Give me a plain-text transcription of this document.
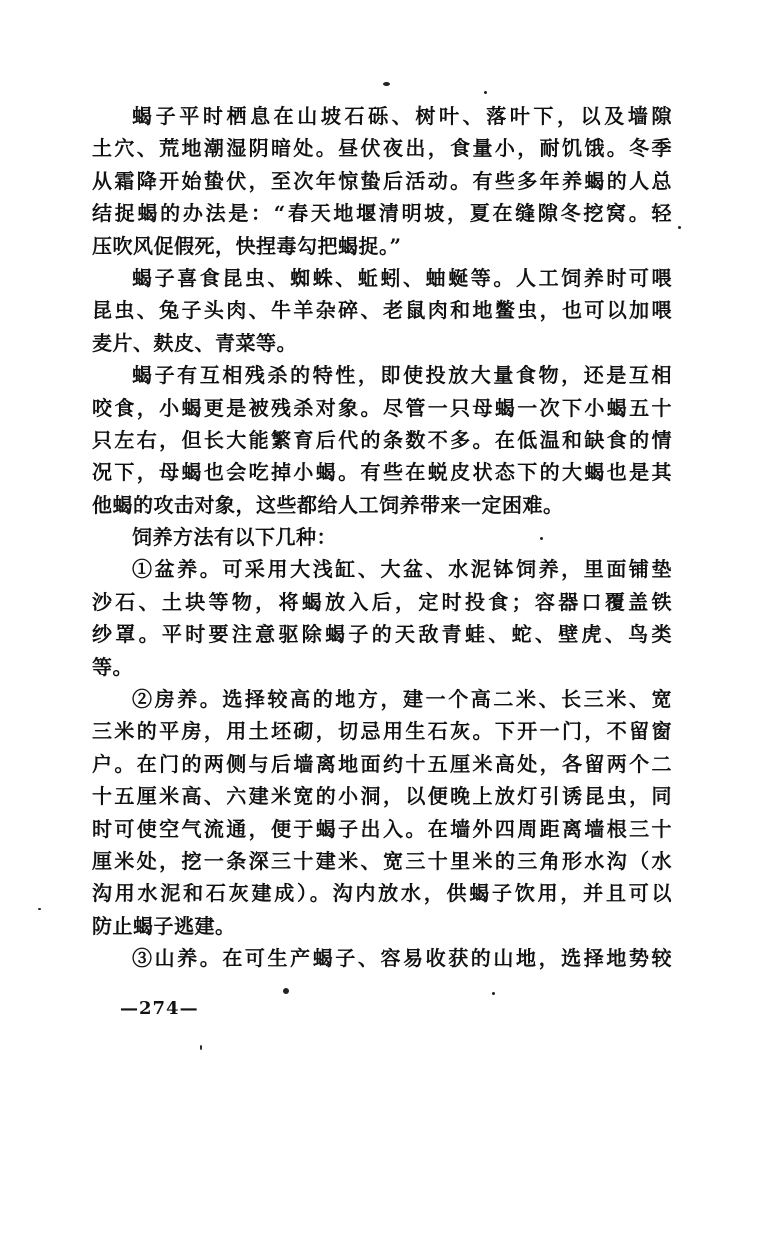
蝎子平时栖息在山坡石砾、树叶、落叶下，以及墙隙
土穴、荒地潮湿阴暗处。昼伏夜出，食量小，耐饥饿。冬季
从霜降开始蛰伏，至次年惊蛰后活动。有些多年养蝎的人总
结捉蝎的办法是：“春天地堰清明坡，夏在缝隙冬挖窝。轻
压吹风促假死，快捏毒勾把蝎捉。”
蝎子喜食昆虫、蜘蛛、蚯蚓、蚰蜒等。人工饲养时可喂
昆虫、兔子头肉、牛羊杂碎、老鼠肉和地鳖虫，也可以加喂
麦片、麸皮、青菜等。
蝎子有互相残杀的特性，即使投放大量食物，还是互相
咬食，小蝎更是被残杀对象。尽管一只母蝎一次下小蝎五十
只左右，但长大能繁育后代的条数不多。在低温和缺食的情
况下，母蝎也会吃掉小蝎。有些在蜕皮状态下的大蝎也是其
他蝎的攻击对象，这些都给人工饲养带来一定困难。
饲养方法有以下几种：
①盆养。可采用大浅缸、大盆、水泥钵饲养，里面铺垫
沙石、土块等物，将蝎放入后，定时投食；容器口覆盖铁
纱罩。平时要注意驱除蝎子的天敌青蛙、蛇、壁虎、鸟类
等。
②房养。选择较高的地方，建一个高二米、长三米、宽
三米的平房，用土坯砌，切忌用生石灰。下开一门，不留窗
户。在门的两侧与后墙离地面约十五厘米高处，各留两个二
十五厘米高、六建米宽的小洞，以便晚上放灯引诱昆虫，同
时可使空气流通，便于蝎子出入。在墙外四周距离墙根三十
厘米处，挖一条深三十建米、宽三十里米的三角形水沟（水
沟用水泥和石灰建成）。沟内放水，供蝎子饮用，并且可以
防止蝎子逃建。
③山养。在可生产蝎子、容易收获的山地，选择地势较
—274—
